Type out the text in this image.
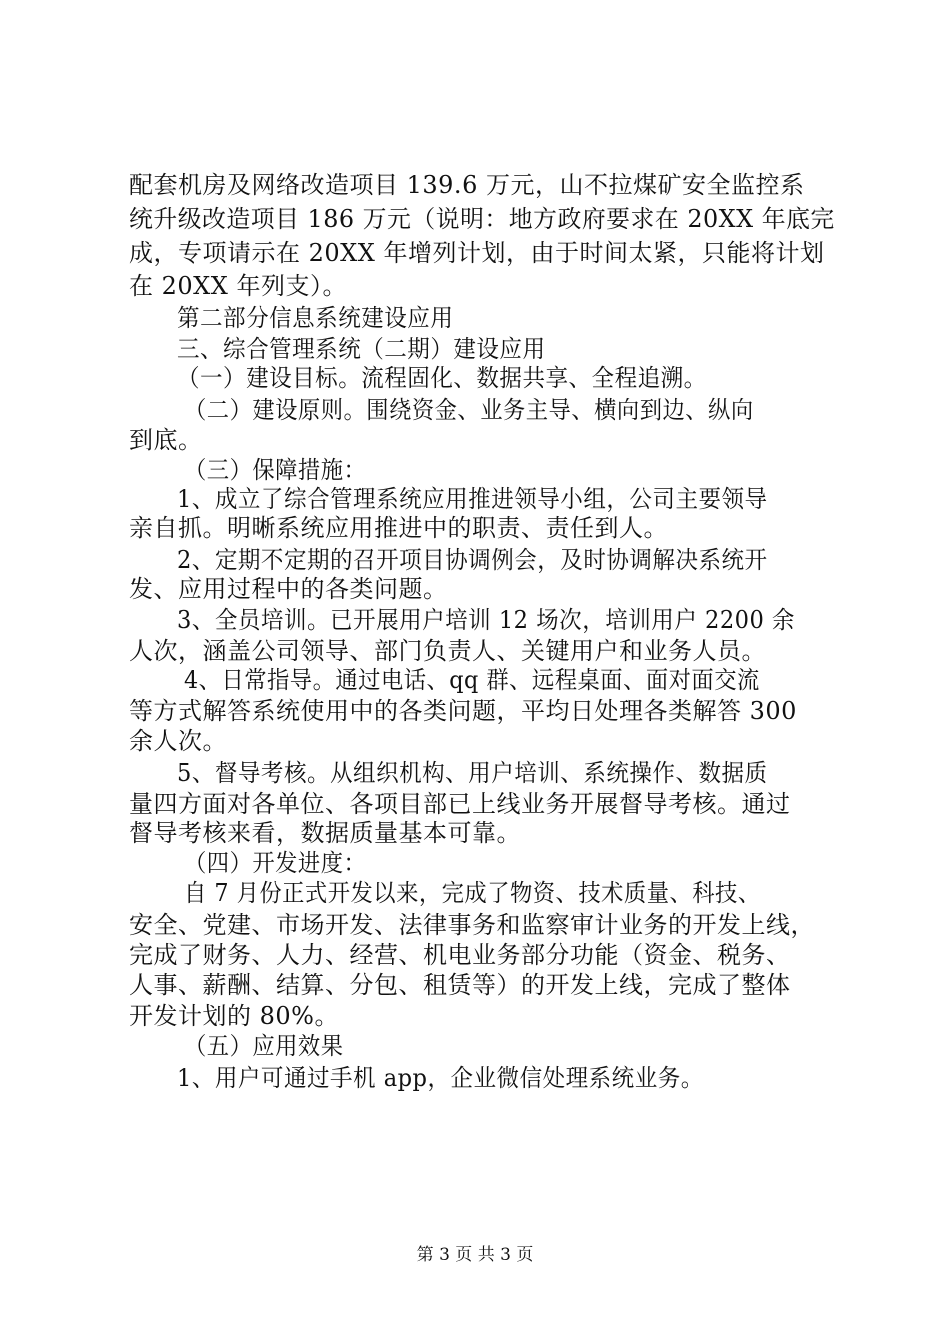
配套机房及网络改造项目 139.6 万元，山不拉煤矿安全监控系
统升级改造项目 186 万元（说明：地方政府要求在 20XX 年底完
成，专项请示在 20XX 年增列计划，由于时间太紧，只能将计划
在 20XX 年列支）。
第二部分信息系统建设应用
三、综合管理系统（二期）建设应用
（一）建设目标。流程固化、数据共享、全程追溯。
（二）建设原则。围绕资金、业务主导、横向到边、纵向
到底。
（三）保障措施：
1、成立了综合管理系统应用推进领导小组，公司主要领导
亲自抓。明晰系统应用推进中的职责、责任到人。
2、定期不定期的召开项目协调例会，及时协调解决系统开
发、应用过程中的各类问题。
3、全员培训。已开展用户培训 12 场次，培训用户 2200 余
人次，涵盖公司领导、部门负责人、关键用户和业务人员。
4、日常指导。通过电话、qq 群、远程桌面、面对面交流
等方式解答系统使用中的各类问题，平均日处理各类解答 300
余人次。
5、督导考核。从组织机构、用户培训、系统操作、数据质
量四方面对各单位、各项目部已上线业务开展督导考核。通过
督导考核来看，数据质量基本可靠。
（四）开发进度：
自 7 月份正式开发以来，完成了物资、技术质量、科技、
安全、党建、市场开发、法律事务和监察审计业务的开发上线，
完成了财务、人力、经营、机电业务部分功能（资金、税务、
人事、薪酬、结算、分包、租赁等）的开发上线，完成了整体
开发计划的 80%。
（五）应用效果
1、用户可通过手机 app，企业微信处理系统业务。
第 3 页 共 3 页
